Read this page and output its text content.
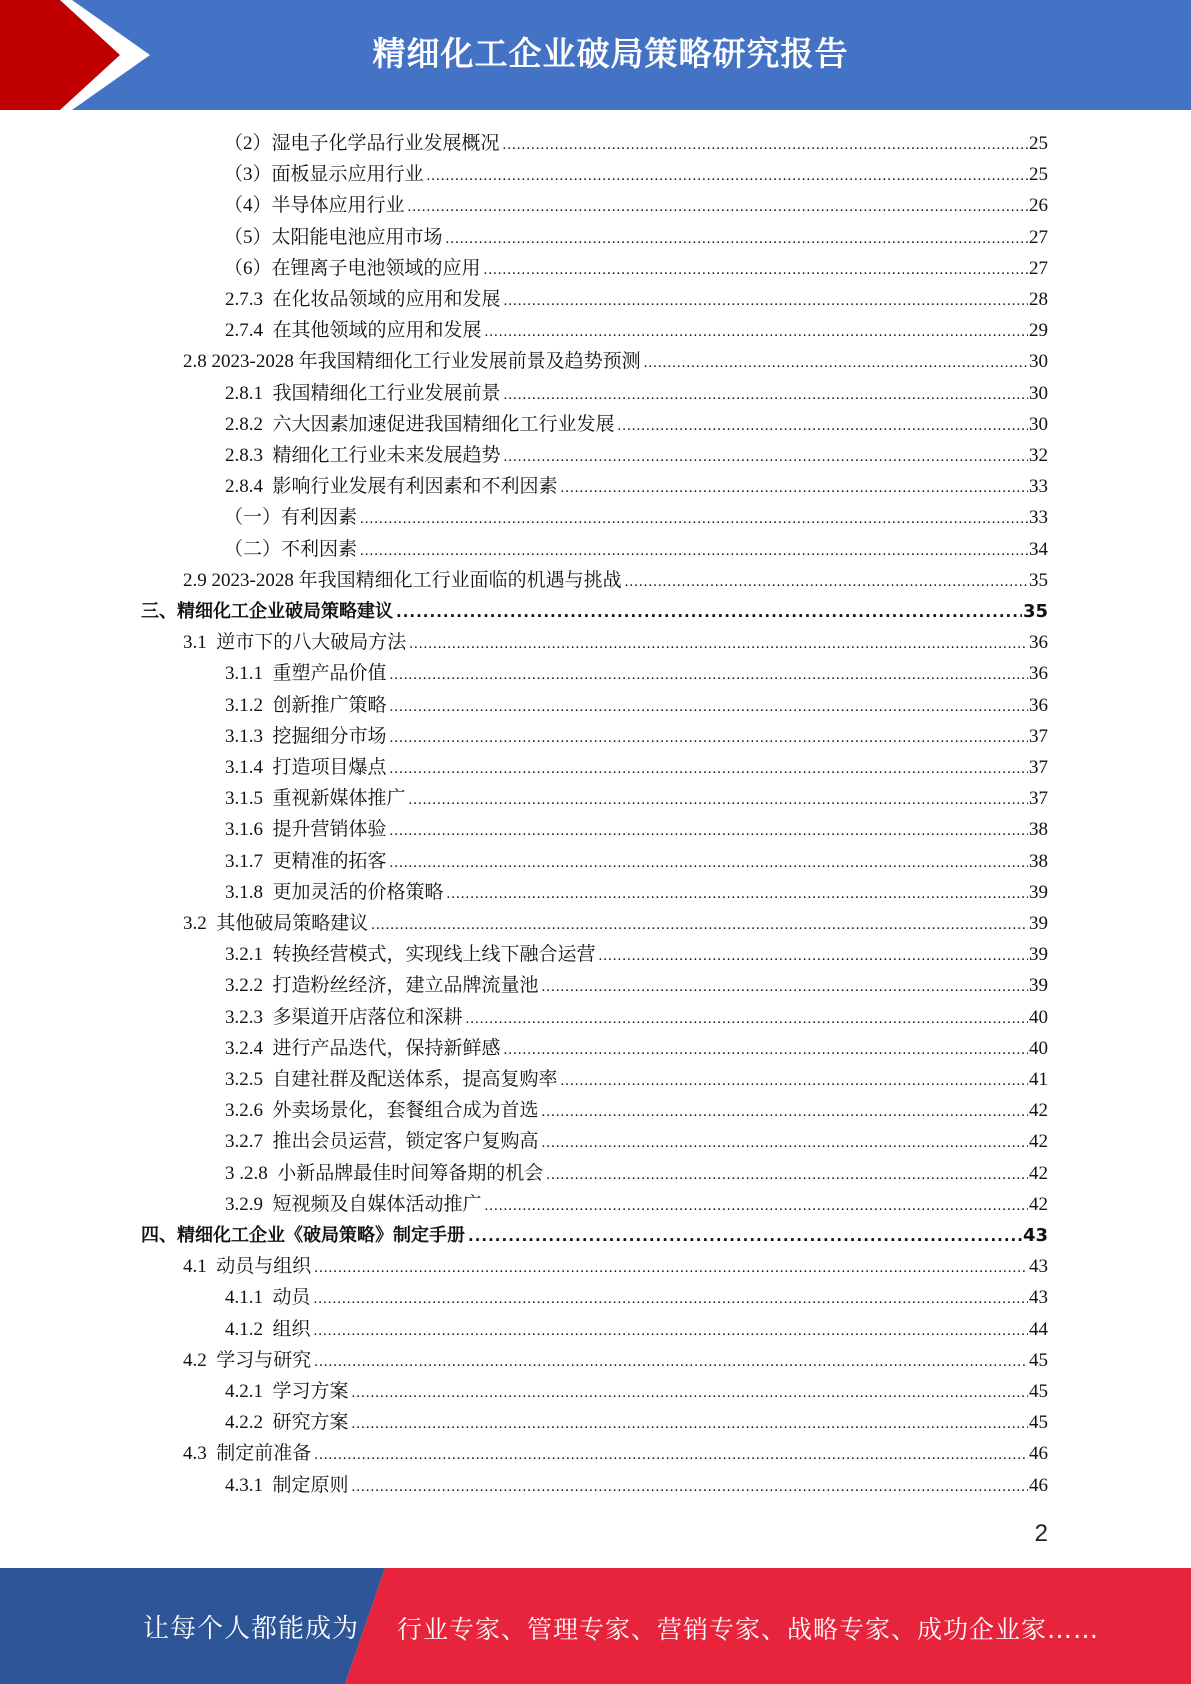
精细化工企业破局策略研究报告
（2）湿电子化学品行业发展概况 .....	25
（3）面板显示应用行业 .....	25
（4）半导体应用行业 .....	26
（5）太阳能电池应用市场 .....	27
（6）在锂离子电池领域的应用 .....	27
2.7.3  在化妆品领域的应用和发展 .....	28
2.7.4  在其他领域的应用和发展 .....	29
2.8 2023-2028 年我国精细化工行业发展前景及趋势预测 .....	30
2.8.1  我国精细化工行业发展前景 .....	30
2.8.2  六大因素加速促进我国精细化工行业发展 .....	30
2.8.3  精细化工行业未来发展趋势 .....	32
2.8.4  影响行业发展有利因素和不利因素 .....	33
（一）有利因素 .....	33
（二）不利因素 .....	34
2.9 2023-2028 年我国精细化工行业面临的机遇与挑战 .....	35
三、精细化工企业破局策略建议 .....	35
3.1  逆市下的八大破局方法 .....	36
3.1.1  重塑产品价值 .....	36
3.1.2  创新推广策略 .....	36
3.1.3  挖掘细分市场 .....	37
3.1.4  打造项目爆点 .....	37
3.1.5  重视新媒体推广 .....	37
3.1.6  提升营销体验 .....	38
3.1.7  更精准的拓客 .....	38
3.1.8  更加灵活的价格策略 .....	39
3.2  其他破局策略建议 .....	39
3.2.1  转换经营模式，实现线上线下融合运营 .....	39
3.2.2  打造粉丝经济，建立品牌流量池 .....	39
3.2.3  多渠道开店落位和深耕 .....	40
3.2.4  进行产品迭代，保持新鲜感 .....	40
3.2.5  自建社群及配送体系，提高复购率 .....	41
3.2.6  外卖场景化，套餐组合成为首选 .....	42
3.2.7  推出会员运营，锁定客户复购高 .....	42
3 .2.8  小新品牌最佳时间筹备期的机会 .....	42
3.2.9  短视频及自媒体活动推广 .....	42
四、精细化工企业《破局策略》制定手册 .....	43
4.1  动员与组织 .....	43
4.1.1  动员 .....	43
4.1.2  组织 .....	44
4.2  学习与研究 .....	45
4.2.1  学习方案 .....	45
4.2.2  研究方案 .....	45
4.3  制定前准备 .....	46
4.3.1  制定原则 .....	46
2
让每个人都能成为 行业专家、管理专家、营销专家、战略专家、成功企业家……
